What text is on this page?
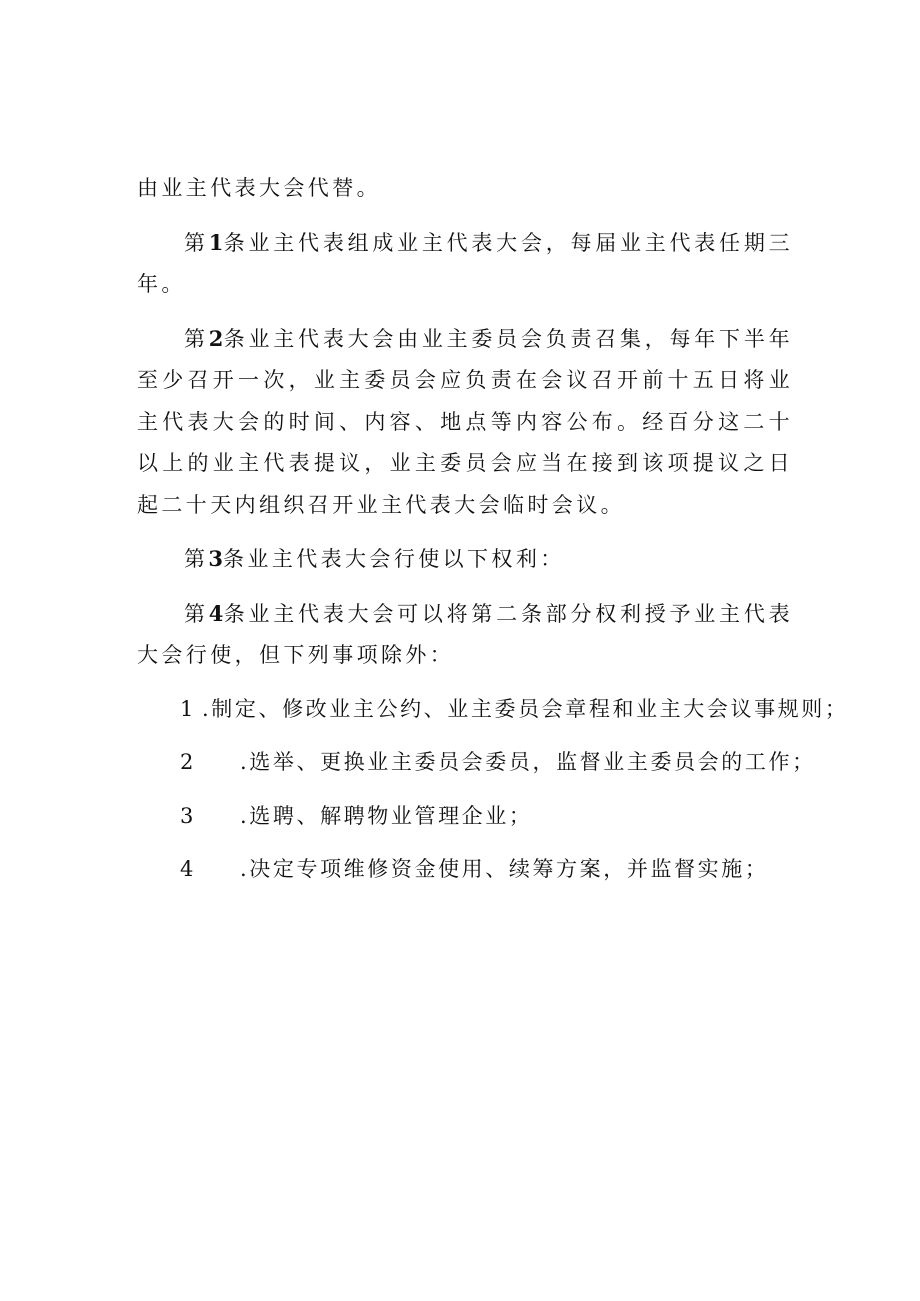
由业主代表大会代替。

第1条业主代表组成业主代表大会，每届业主代表任期三年。

第2条业主代表大会由业主委员会负责召集，每年下半年至少召开一次，业主委员会应负责在会议召开前十五日将业主代表大会的时间、内容、地点等内容公布。经百分这二十以上的业主代表提议，业主委员会应当在接到该项提议之日起二十天内组织召开业主代表大会临时会议。

第3条业主代表大会行使以下权利：

第4条业主代表大会可以将第二条部分权利授予业主代表大会行使，但下列事项除外：

1 .制定、修改业主公约、业主委员会章程和业主大会议事规则；

2 .选举、更换业主委员会委员，监督业主委员会的工作；

3 .选聘、解聘物业管理企业；

4 .决定专项维修资金使用、续筹方案，并监督实施；
